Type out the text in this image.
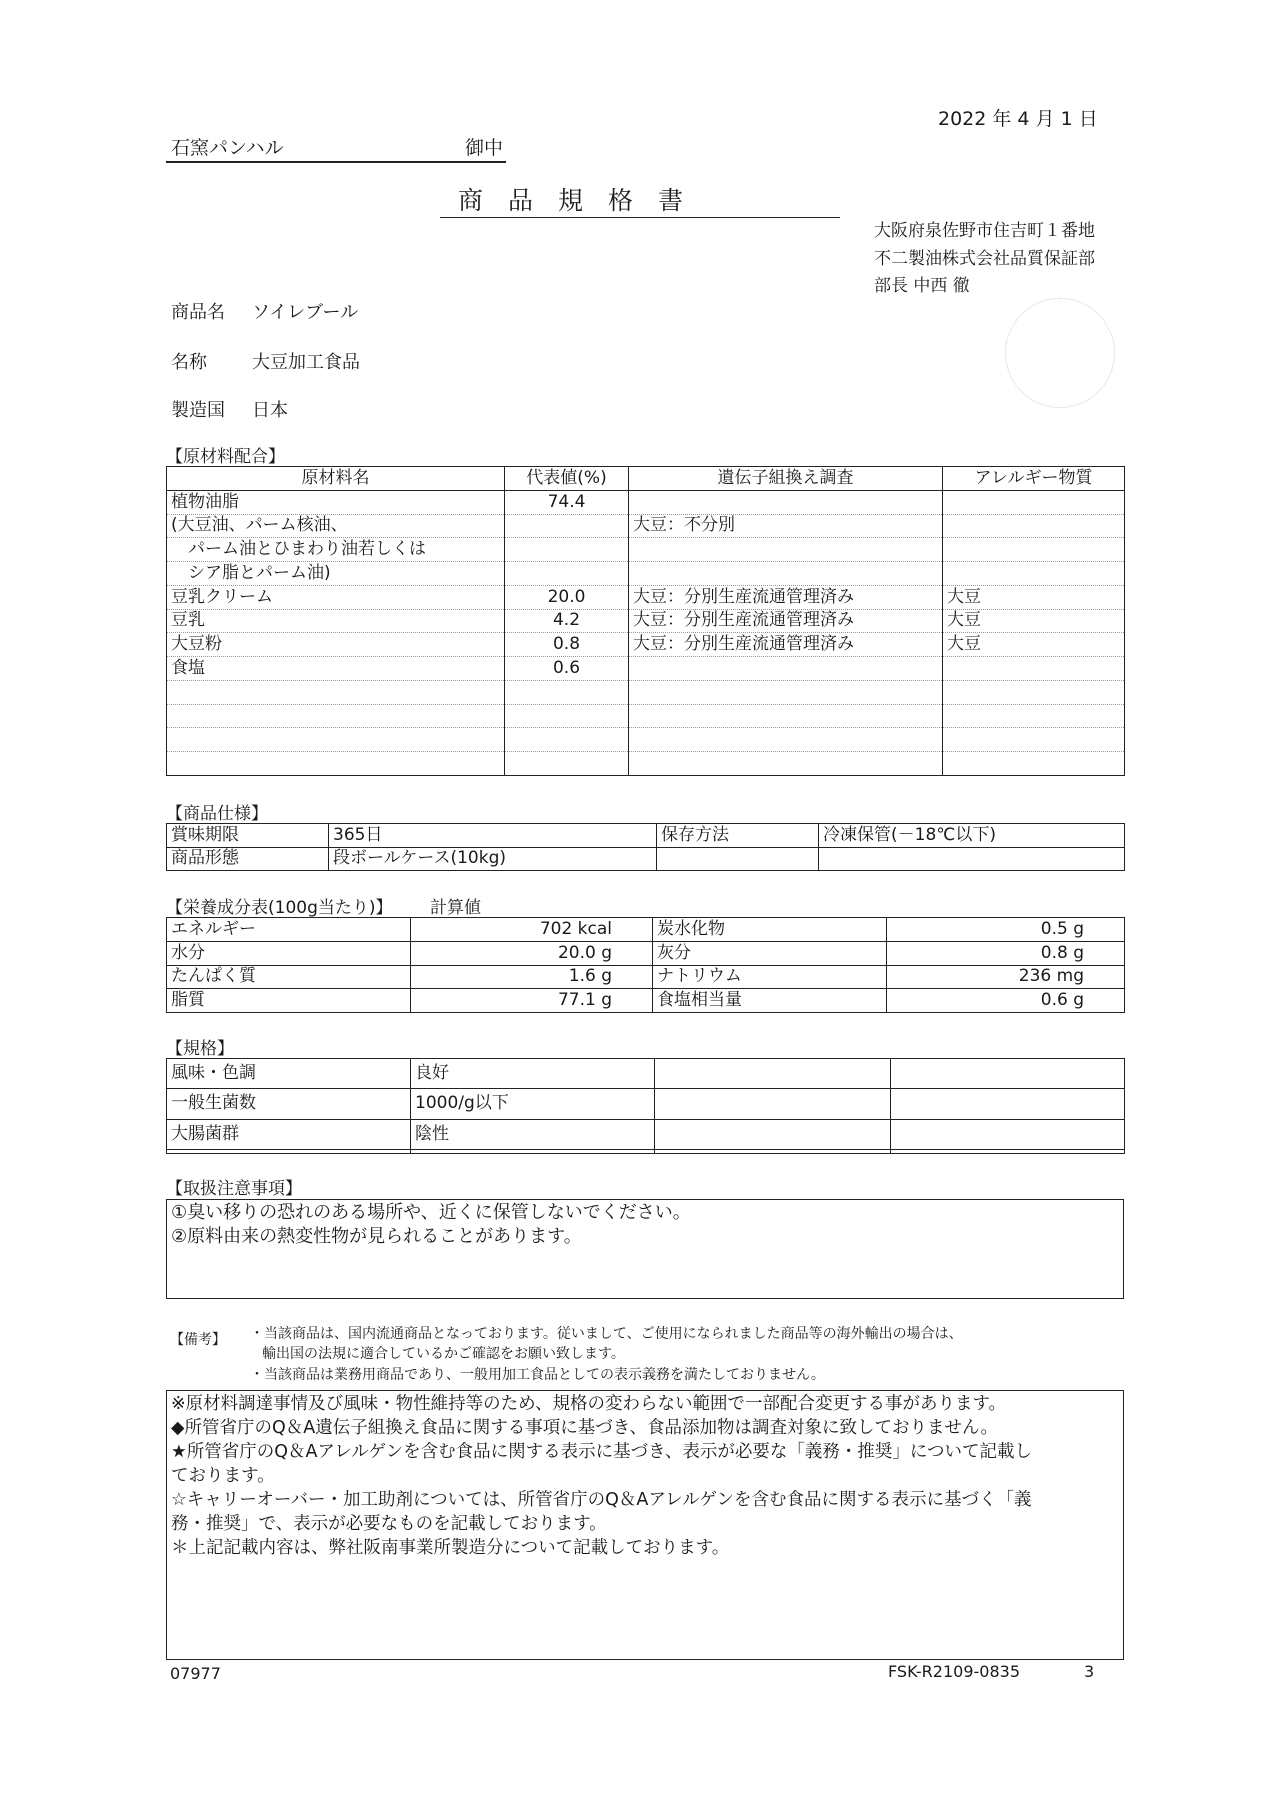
2022 年 4 月 1 日
石窯パンハル	御中
商　品　規　格　書
大阪府泉佐野市住吉町１番地
不二製油株式会社品質保証部
部長 中西 徹
商品名 ソイレブール
名称	大豆加工食品
製造国 日本
【原材料配合】
原材料名	代表値(%)	遺伝子組換え調査	アレルギー物質
植物油脂	74.4		
(大豆油、パーム核油、		大豆：不分別	
　パーム油とひまわり油若しくは			
　シア脂とパーム油)			
豆乳クリーム	20.0	大豆：分別生産流通管理済み	大豆
豆乳	4.2	大豆：分別生産流通管理済み	大豆
大豆粉	0.8	大豆：分別生産流通管理済み	大豆
食塩	0.6		

【商品仕様】
賞味期限	365日	保存方法	冷凍保管(－18℃以下)
商品形態	段ボールケース(10kg)		
【栄養成分表(100g当たり)】 計算値
エネルギー	702 kcal	炭水化物	0.5 g
水分	20.0 g	灰分	0.8 g
たんぱく質	1.6 g	ナトリウム	236 mg
脂質	77.1 g	食塩相当量	0.6 g
【規格】
風味・色調	良好		
一般生菌数	1000/g以下		
大腸菌群	陰性		

【取扱注意事項】
①臭い移りの恐れのある場所や、近くに保管しないでください。
②原料由来の熱変性物が見られることがあります。
【備考】 ・当該商品は、国内流通商品となっております。従いまして、ご使用になられました商品等の海外輸出の場合は、
輸出国の法規に適合しているかご確認をお願い致します。
・当該商品は業務用商品であり、一般用加工食品としての表示義務を満たしておりません。
※原材料調達事情及び風味・物性維持等のため、規格の変わらない範囲で一部配合変更する事があります。
◆所管省庁のQ＆A遺伝子組換え食品に関する事項に基づき、食品添加物は調査対象に致しておりません。
★所管省庁のQ＆Aアレルゲンを含む食品に関する表示に基づき、表示が必要な「義務・推奨」について記載し
ております。
☆キャリーオーバー・加工助剤については、所管省庁のQ＆Aアレルゲンを含む食品に関する表示に基づく「義
務・推奨」で、表示が必要なものを記載しております。
＊上記記載内容は、弊社阪南事業所製造分について記載しております。
07977	FSK-R2109-0835	3
